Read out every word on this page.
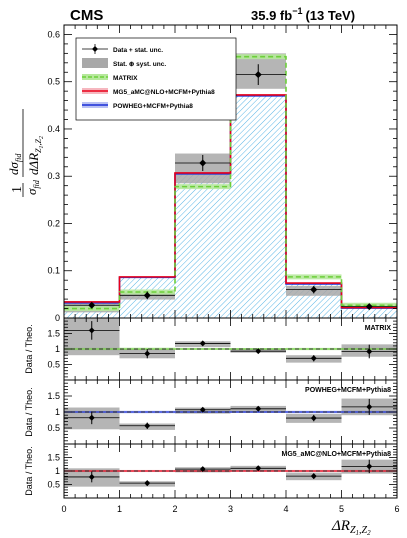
CMS	35.9 $fb^{-1}$ (13 TeV)
1 $\sigma_{fid}$
$d\sigma_{fid}$ dΔR$_Z$1,Z2
0
0.1
0.2
0.3
0.4
0.5
0.6
0.5
1
1.5	MATRIX
Data / Theo.
0.5
1
1.5
POWHEG+MCFM+Pythia8
Data / Theo.
0	1	2	3	4	5	6
0.5
1
1.5	MG5_aMC@NLO+MCFM+Pythia8
Data / Theo.
Data + stat. unc.
Stat. ⊕ syst. unc.
MATRIX
MG5_aMC@NLO+MCFM+Pythia8
POWHEG+MCFM+Pythia8
$\Delta R_Z1,Z2$
